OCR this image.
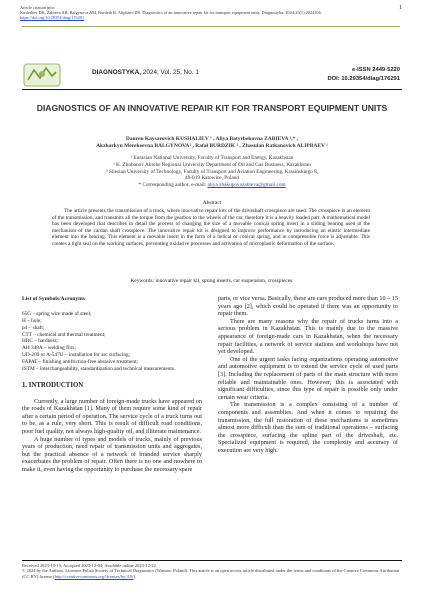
Article citation info:
Kushaliev DK, Zabieva AB, Balgynova AM, Burdzik R, Alipbaev ZR. Diagnostics of an innovative repair kit for transport equipment units. Diagnostyka. 2024;25(1):2024106. https://doi.org/10.29354/diag/176291
1
DIAGNOSTYKA, 2024, Vol. 25, No. 1	e-ISSN 2449-5220
DOI: 10.29354/diag/176291
DIAGNOSTICS OF AN INNOVATIVE REPAIR KIT FOR TRANSPORT EQUIPMENT UNITS
Dauren Kaysarovich KUSHALIEV ¹ , Aliya Batyrbekovna ZABIEVA ¹,* ,
Akzharkyn Merekeevna BALGYNOVA² , Rafał BURDZIK ³ , Zhasulan Ratkanovich ALIPBAEV ¹
¹ Eurasian National University, Faculty of Transport and Energy, Kazakhstan
² K. Zhubanov Aktobe Regional University Department of Oil and Gas Business, Kazakhstan
³ Silesian University of Technology, Faculty of Transport and Aviation Engineering, Krasińskiego 8,
40-019 Katowice, Poland
* Corresponding author, e-mail: aliya.zhakupovazabieva@gmail.com
Abstract
The article presents the transmission of a truck, where innovative repair kits of the driveshaft crosspiece are used. The crosspiece is an element of the transmission, and transmits all the torque from the gearbox to the wheels of the car, therefore it is a heavily loaded part. A mathematical model has been developed that describes in detail the process of changing the size of a movable conical spring insert in a sliding bearing used in the mechanism of the cardan shaft crosspiece. The innovative repair kit is designed to improve performance by introducing an elastic intermediate element into the bearing. This element is a movable insert in the form of a helical or conical spring, and in compressible force is adjustable. This creates a tight seal on the working surfaces, preventing oxidative processes and activation of microplastic deformation of the surface.
Keywords: innovative repair kit, spring inserts, car suspension, crosspieces.
List of Symbols/Acronyms
65G – spring wire made of steel;
H – hole;
p4 – shaft;
CTT – chemical and thermal treatment;
HRC – hardness;
AH 348A – welding flux;
UD-209 or A-547U – installation for arc surfacing;
FAPAT – finishing antifriction-free abrasive treatment;
ISTM – interchangeability, standardization and technical measurements.
1. INTRODUCTION
Currently, a large number of foreign-made trucks have appeared on the roads of Kazakhstan [1]. Many of them require some kind of repair after a certain period of operation. The service cycle of a truck turns out to be, as a rule, very short. This is result of difficult road conditions, poor fuel quality, not always high-quality oil, and illiterate maintenance.
A huge number of types and models of trucks, mainly of previous years of production, need repair of transmission units and aggregates, but the practical absence of a network of branded service sharply exacerbates the problem of repair. Often there is no one and nowhere to make it, even having the opportunity to purchase the necessary spare
parts, or vice versa. Basically, these are cars produced more than 10 – 15 years ago [2], which could be operated if there was an opportunity to repair them.
There are many reasons why the repair of trucks turns into a serious problem in Kazakhstan. This is mainly due to the massive appearance of foreign-made cars in Kazakhstan, when the necessary repair facilities, a network of service stations and workshops have not yet developed.
One of the urgent tasks facing organizations operating automotive and automotive equipment is to extend the service cycle of used parts [3]. Including the replacement of parts of the main structure with more reliable and maintainable ones. However, this is associated with significant difficulties, since this type of repair is possible only under certain wear criteria.
The transmission is a complex consisting of a number of components and assemblies. And when it comes to repairing the transmission, the full restoration of these mechanisms is sometimes almost more difficult than the sum of traditional operations – surfacing the crosspiece, surfacing the spline part of the driveshaft, etc. Specialized equipment is required, the complexity and accuracy of execution are very high.
Received 2023-10-13; Accepted 2023-12-04; Available online 2023-12-22
© 2024 by the Authors. Licensee Polish Society of Technical Diagnostics (Warsaw. Poland). This article is an open access article distributed under the terms and conditions of the Creative Commons Attribution (CC BY) license (http://creativecommons.org/licenses/by/4.0/).
